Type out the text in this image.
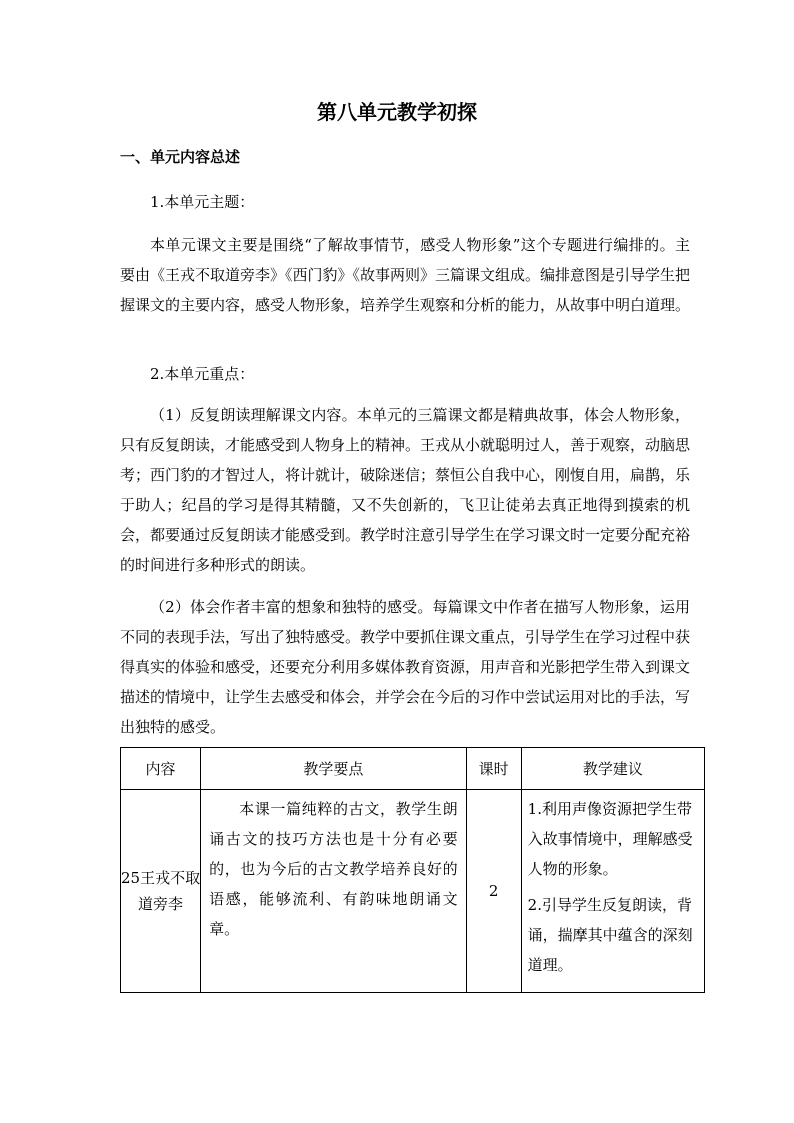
第八单元教学初探
一、单元内容总述
1.本单元主题：

本单元课文主要是围绕“了解故事情节，感受人物形象”这个专题进行编排的。主要由《王戎不取道旁李》《西门豹》《故事两则》三篇课文组成。编排意图是引导学生把握课文的主要内容，感受人物形象，培养学生观察和分析的能力，从故事中明白道理。

2.本单元重点：

（1）反复朗读理解课文内容。本单元的三篇课文都是精典故事，体会人物形象，只有反复朗读，才能感受到人物身上的精神。王戎从小就聪明过人，善于观察，动脑思考；西门豹的才智过人，将计就计，破除迷信；蔡恒公自我中心，刚愎自用，扁鹊，乐于助人；纪昌的学习是得其精髓，又不失创新的，飞卫让徒弟去真正地得到摸索的机会，都要通过反复朗读才能感受到。教学时注意引导学生在学习课文时一定要分配充裕的时间进行多种形式的朗读。

（2）体会作者丰富的想象和独特的感受。每篇课文中作者在描写人物形象，运用不同的表现手法，写出了独特感受。教学中要抓住课文重点，引导学生在学习过程中获得真实的体验和感受，还要充分利用多媒体教育资源，用声音和光影把学生带入到课文描述的情境中，让学生去感受和体会，并学会在今后的习作中尝试运用对比的手法，写出独特的感受。

内容	教学要点	课时	教学建议
25王戎不取道旁李	本课一篇纯粹的古文，教学生朗诵古文的技巧方法也是十分有必要的，也为今后的古文教学培养良好的语感，能够流利、有韵味地朗诵文章。	2	1.利用声像资源把学生带入故事情境中，理解感受人物的形象。
2.引导学生反复朗读，背诵，揣摩其中蕴含的深刻道理。
